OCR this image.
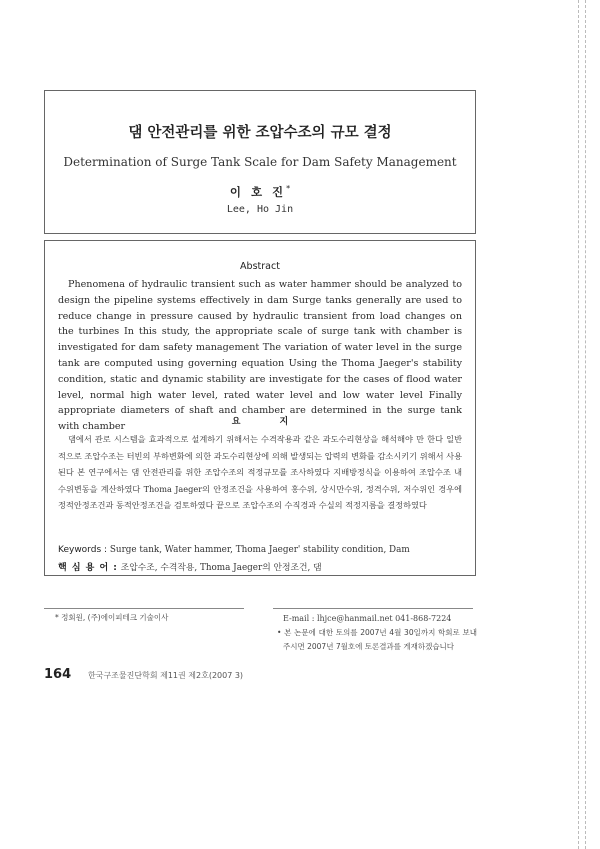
댐 안전관리를 위한 조압수조의 규모 결정
Determination of Surge Tank Scale for Dam Safety Management
이 호 진*
Lee, Ho Jin
Abstract

Phenomena of hydraulic transient such as water hammer should be analyzed to design the pipeline systems effectively in dam Surge tanks generally are used to reduce change in pressure caused by hydraulic transient from load changes on the turbines In this study, the appropriate scale of surge tank with chamber is investigated for dam safety management The variation of water level in the surge tank are computed using governing equation Using the Thoma Jaeger's stability condition, static and dynamic stability are investigate for the cases of flood water level, normal high water level, rated water level and low water level Finally appropriate diameters of shaft and chamber are determined in the surge tank with chamber	요 지

댐에서 관로 시스템을 효과적으로 설계하기 위해서는 수격작용과 같은 과도수리현상을 해석해야 만 한다 일반적으로 조압수조는 터빈의 부하변화에 의한 과도수리현상에 의해 발생되는 압력의 변화를 감소시키기 위해서 사용된다 본 연구에서는 댐 안전관리를 위한 조압수조의 적정규모를 조사하였다 지배방정식을 이용하여 조압수조 내 수위변동을 계산하였다 Thoma Jaeger의 안정조건을 사용하여 홍수위, 상시만수위, 정격수위, 저수위인 경우에 정적안정조건과 동적안정조건을 검토하였다 끝으로 조압수조의 수직경과 수실의 적정지름을 결정하였다

Keywords : Surge tank, Water hammer, Thoma Jaeger' stability condition, Dam
핵 심 용 어 : 조압수조, 수격작용, Thoma Jaeger의 안정조건, 댐
* 정회원, (주)에이피테크 기술이사	E-mail : lhjce@hanmail.net 041-868-7224
• 본 논문에 대한 토의를 2007년 4월 30일까지 학회로 보내 주시면 2007년 7월호에 토론결과를 게재하겠습니다
164 한국구조물진단학회 제11권 제2호(2007 3)
